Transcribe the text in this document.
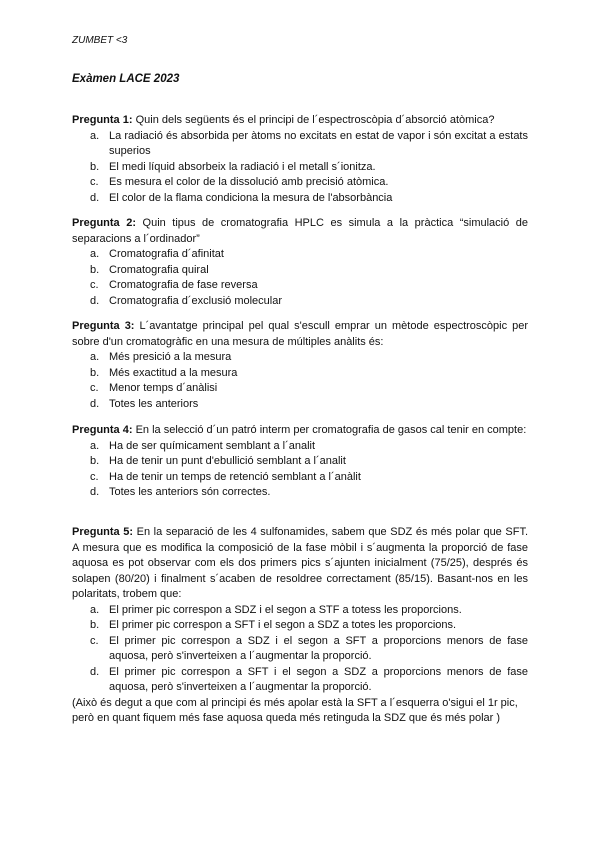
ZUMBET <3
Exàmen LACE 2023

Pregunta 1: Quin dels següents és el principi de l´espectroscòpia d´absorció atòmica?

a. La radiació és absorbida per àtoms no excitats en estat de vapor i són excitat a estats superios
b. El medi líquid absorbeix la radiació i el metall s´ionitza.
c. Es mesura el color de la dissolució amb precisió atòmica.
d. El color de la flama condiciona la mesura de l'absorbància

Pregunta 2: Quin tipus de cromatografia HPLC es simula a la pràctica “simulació de separacions a l´ordinador”

a. Cromatografia d´afinitat
b. Cromatografia quiral
c. Cromatografia de fase reversa
d. Cromatografia d´exclusió molecular

Pregunta 3: L´avantatge principal pel qual s'escull emprar un mètode espectroscòpic per sobre d'un cromatogràfic en una mesura de múltiples anàlits és:

a. Més presició a la mesura
b. Més exactitud a la mesura
c. Menor temps d´anàlisi
d. Totes les anteriors

Pregunta 4: En la selecció d´un patró interm per cromatografia de gasos cal tenir en compte:

a. Ha de ser químicament semblant a l´analit
b. Ha de tenir un punt d'ebullició semblant a l´analit
c. Ha de tenir un temps de retenció semblant a l´anàlit
d. Totes les anteriors són correctes.

Pregunta 5: En la separació de les 4 sulfonamides, sabem que SDZ és més polar que SFT. A mesura que es modifica la composició de la fase mòbil i s´augmenta la proporció de fase aquosa es pot observar com els dos primers pics s´ajunten inicialment (75/25), després és solapen (80/20) i finalment s´acaben de resoldree correctament (85/15). Basant-nos en les polaritats, trobem que:

a. El primer pic correspon a SDZ i el segon a STF a totess les proporcions.
b. El primer pic correspon a SFT i el segon a SDZ a totes les proporcions.
c. El primer pic correspon a SDZ i el segon a SFT a proporcions menors de fase aquosa, però s'inverteixen a l´augmentar la proporció.
d. El primer pic correspon a SFT i el segon a SDZ a proporcions menors de fase aquosa, però s'inverteixen a l´augmentar la proporció.

(Això és degut a que com al principi és més apolar està la SFT a l´esquerra o'sigui el 1r pic, però en quant fiquem més fase aquosa queda més retinguda la SDZ que és més polar )
